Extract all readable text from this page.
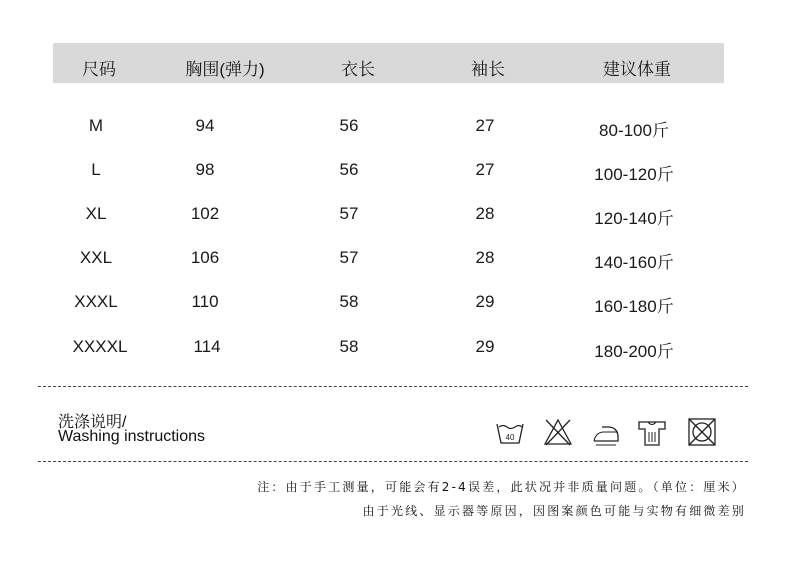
尺码	胸围(弹力)	衣长	袖长	建议体重
M	94	56	27	80-100斤
L	98	56	27	100-120斤
XL	102	57	28	120-140斤
XXL	106	57	28	140-160斤
XXXL	110	58	29	160-180斤
XXXXL	114	58	29	180-200斤
洗涤说明/
Washing instructions	40
注：由于手工测量，可能会有2-4误差，此状况并非质量问题。（单位：厘米）
由于光线、显示器等原因，因图案颜色可能与实物有细微差别
